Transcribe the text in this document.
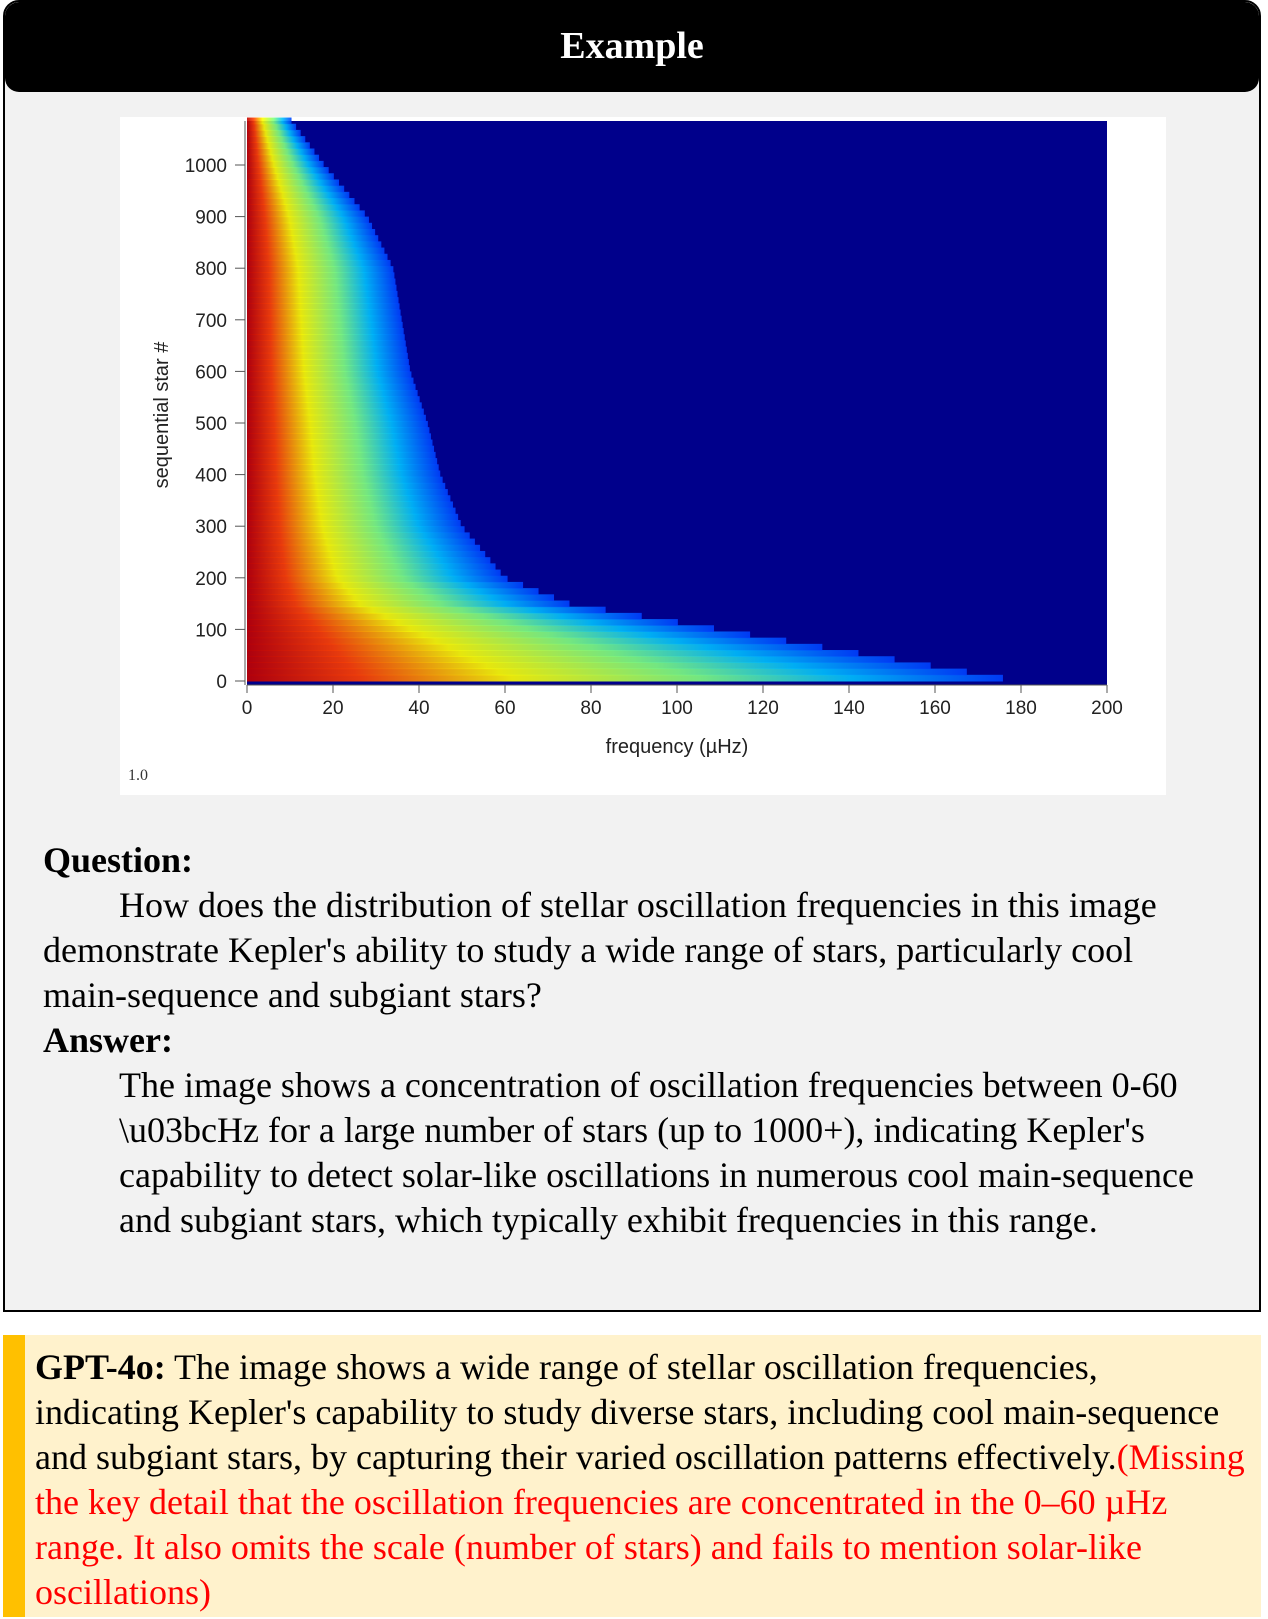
Example
0	20	40	60	80	100	120	140	160	180	200
0
100
200
300
400
500
600
700
800
900
1000
sequential star #
frequency (µHz)
1.0
Question:
How does the distribution of stellar oscillation frequencies in this image demonstrate Kepler's ability to study a wide range of stars, particularly cool main-sequence and subgiant stars?
Answer:
The image shows a concentration of oscillation frequencies between 0-60 \u03bcHz for a large number of stars (up to 1000+), indicating Kepler's capability to detect solar-like oscillations in numerous cool main-sequence and subgiant stars, which typically exhibit frequencies in this range.
GPT-4o: The image shows a wide range of stellar oscillation frequencies, indicating Kepler's capability to study diverse stars, including cool main-sequence and subgiant stars, by capturing their varied oscillation patterns effectively.(Missing the key detail that the oscillation frequencies are concentrated in the 0–60 µHz range. It also omits the scale (number of stars) and fails to mention solar-like oscillations)
